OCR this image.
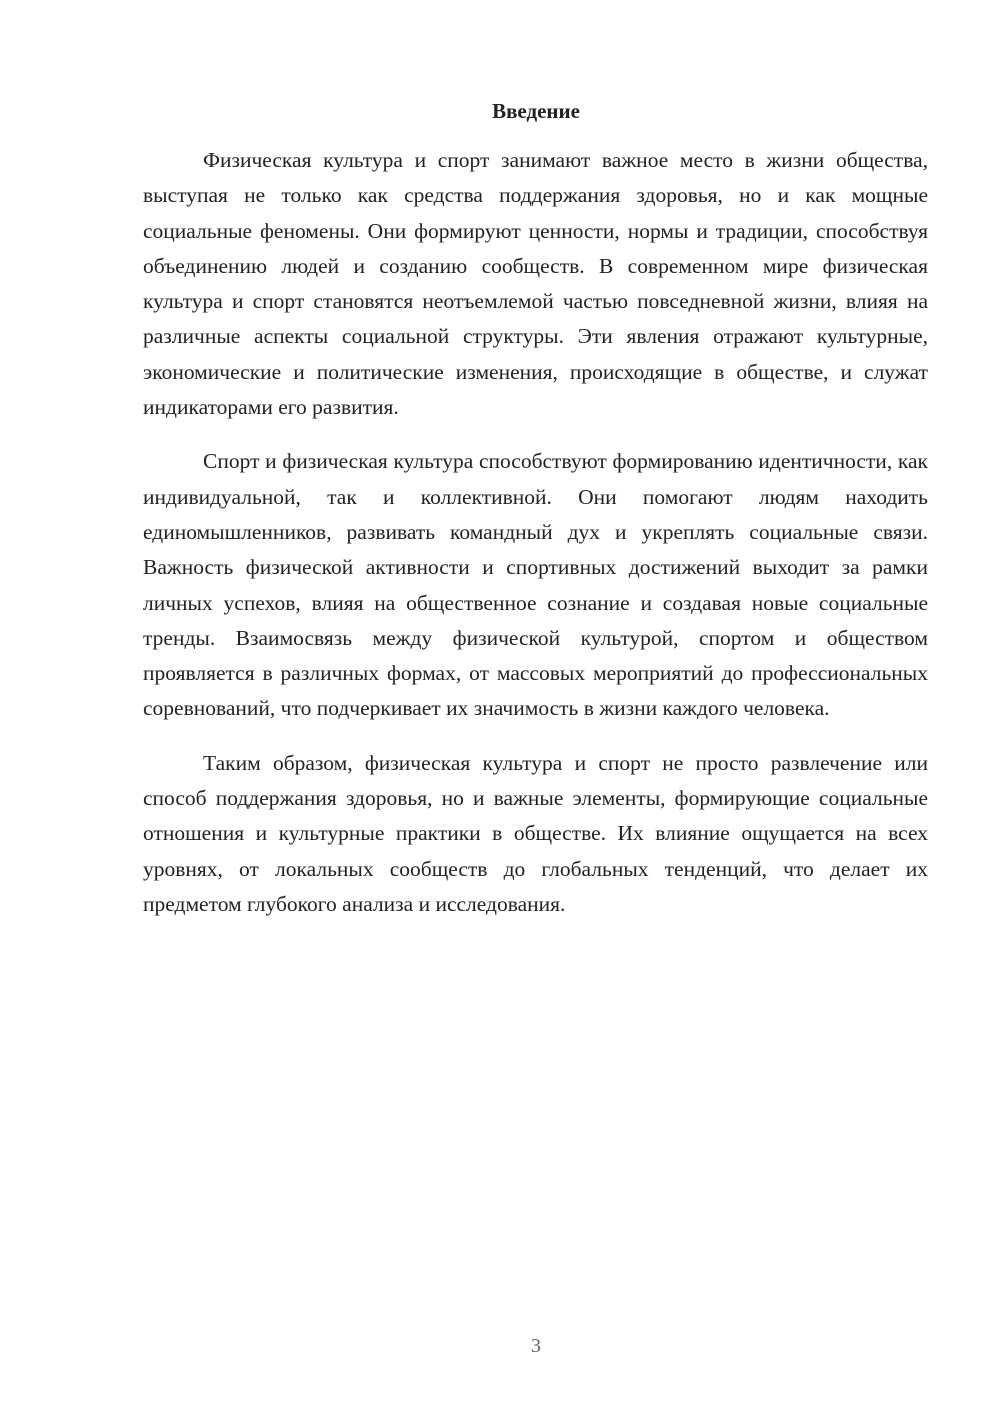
Введение

Физическая культура и спорт занимают важное место в жизни общества, выступая не только как средства поддержания здоровья, но и как мощные социальные феномены. Они формируют ценности, нормы и традиции, способствуя объединению людей и созданию сообществ. В современном мире физическая культура и спорт становятся неотъемлемой частью повседневной жизни, влияя на различные аспекты социальной структуры. Эти явления отражают культурные, экономические и политические изменения, происходящие в обществе, и служат индикаторами его развития.

Спорт и физическая культура способствуют формированию идентичности, как индивидуальной, так и коллективной. Они помогают людям находить единомышленников, развивать командный дух и укреплять социальные связи. Важность физической активности и спортивных достижений выходит за рамки личных успехов, влияя на общественное сознание и создавая новые социальные тренды. Взаимосвязь между физической культурой, спортом и обществом проявляется в различных формах, от массовых мероприятий до профессиональных соревнований, что подчеркивает их значимость в жизни каждого человека.

Таким образом, физическая культура и спорт не просто развлечение или способ поддержания здоровья, но и важные элементы, формирующие социальные отношения и культурные практики в обществе. Их влияние ощущается на всех уровнях, от локальных сообществ до глобальных тенденций, что делает их предметом глубокого анализа и исследования.

3
